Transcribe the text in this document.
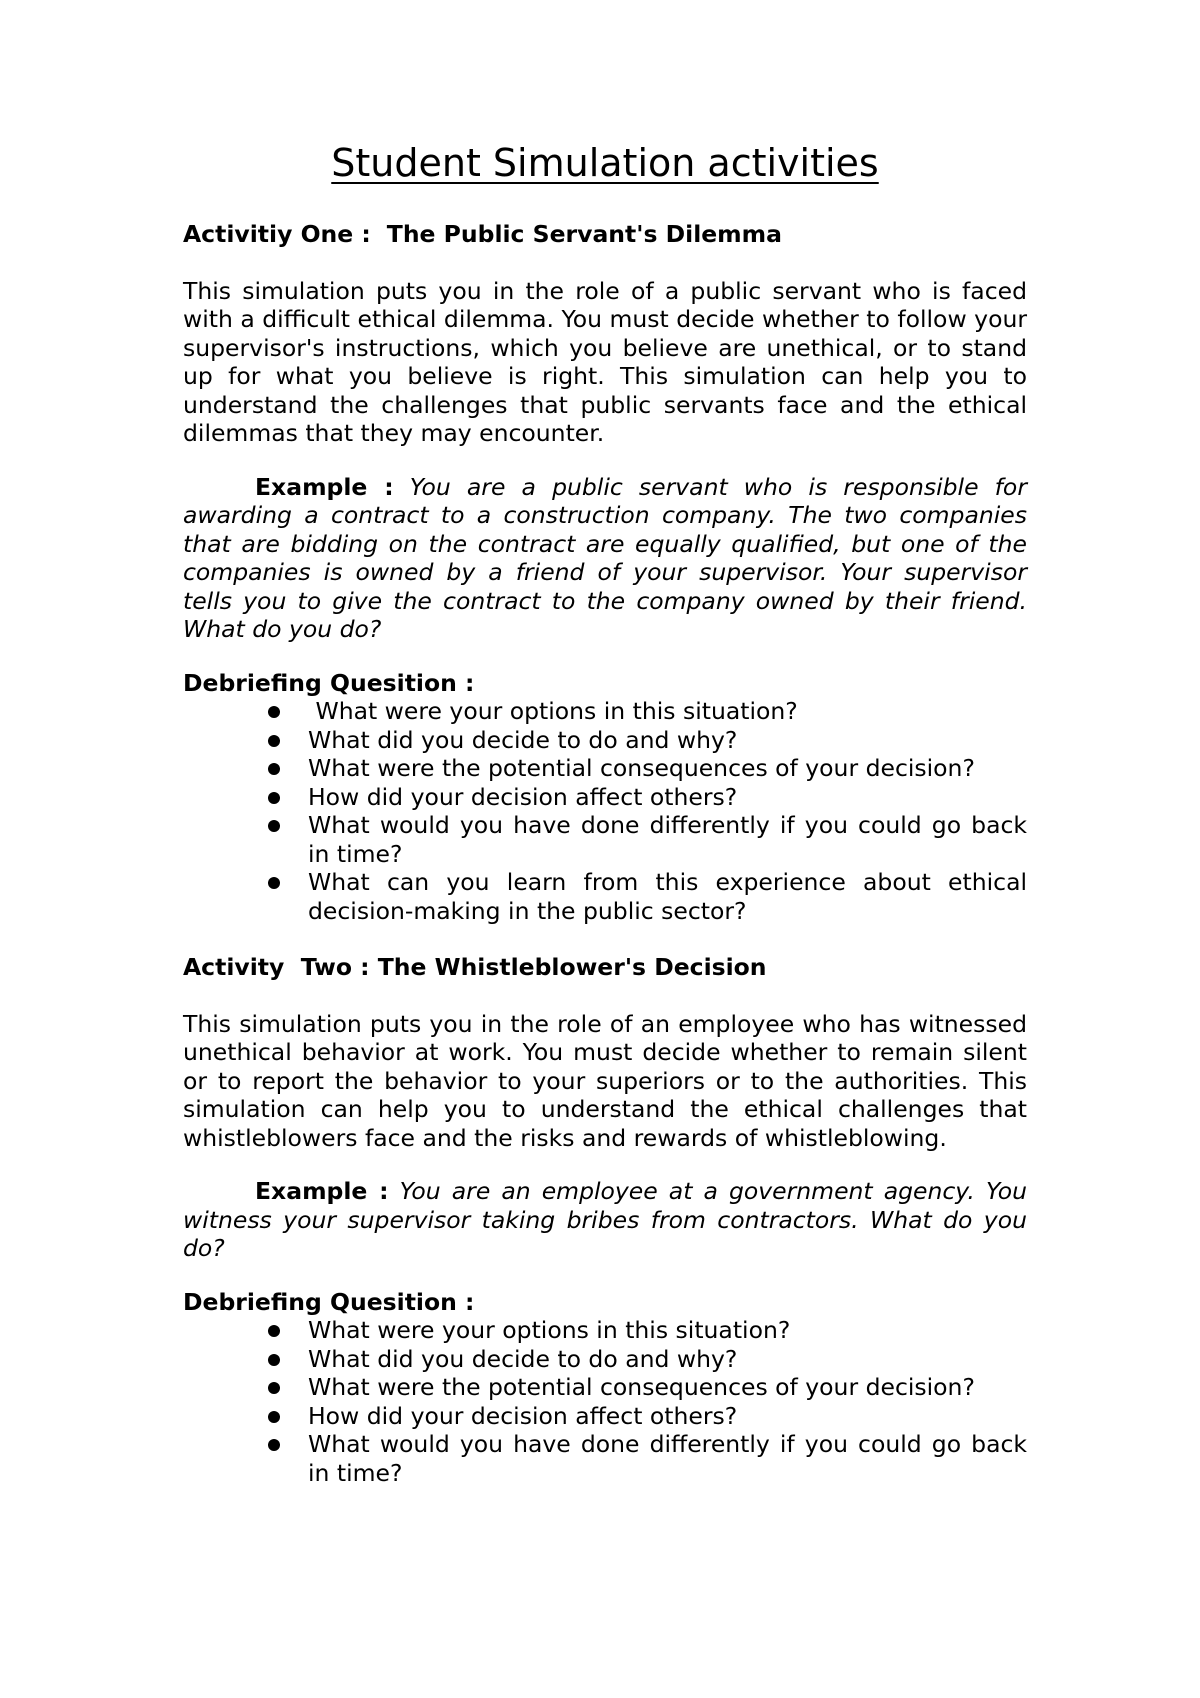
Student Simulation activities
Activitiy One : The Public Servant's Dilemma

This simulation puts you in the role of a public servant who is faced with a difficult ethical dilemma. You must decide whether to follow your supervisor's instructions, which you believe are unethical, or to stand up for what you believe is right. This simulation can help you to understand the challenges that public servants face and the ethical dilemmas that they may encounter.

Example : You are a public servant who is responsible for awarding a contract to a construction company. The two companies that are bidding on the contract are equally qualified, but one of the companies is owned by a friend of your supervisor. Your supervisor tells you to give the contract to the company owned by their friend. What do you do?

Debriefing Quesition :
What were your options in this situation?
What did you decide to do and why?
What were the potential consequences of your decision?
How did your decision affect others?
What would you have done differently if you could go back in time?
What can you learn from this experience about ethical decision-making in the public sector?
Activity  Two : The Whistleblower's Decision

This simulation puts you in the role of an employee who has witnessed unethical behavior at work. You must decide whether to remain silent or to report the behavior to your superiors or to the authorities. This simulation can help you to understand the ethical challenges that whistleblowers face and the risks and rewards of whistleblowing.

Example : You are an employee at a government agency. You witness your supervisor taking bribes from contractors. What do you do?

Debriefing Quesition :
What were your options in this situation?
What did you decide to do and why?
What were the potential consequences of your decision?
How did your decision affect others?
What would you have done differently if you could go back in time?
